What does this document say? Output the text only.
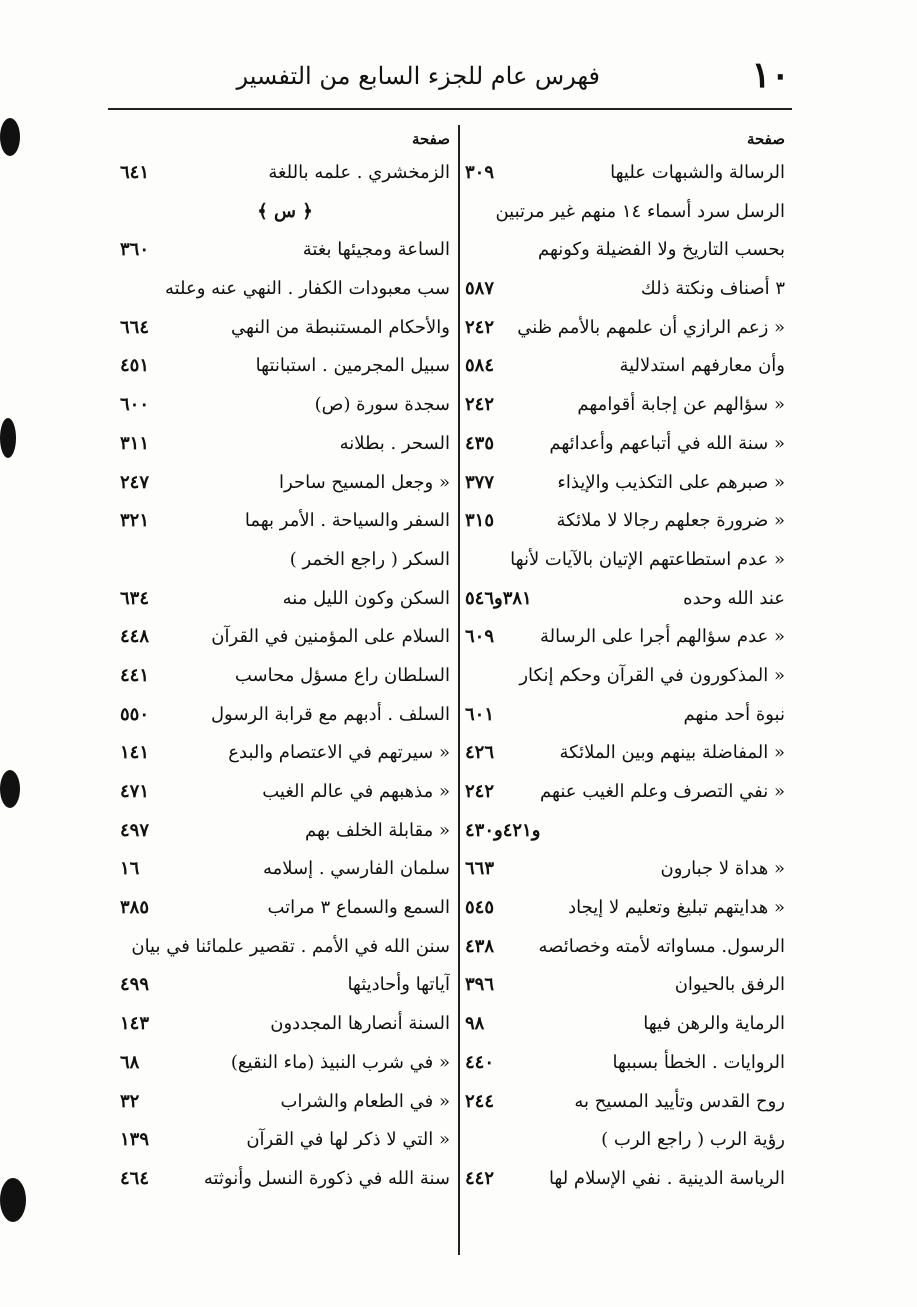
١٠
فهرس عام للجزء السابع من التفسير
صفحة
الرسالة والشبهات عليها
٣٠٩
الرسل سرد أسماء ١٤ منهم غير مرتبين
بحسب التاريخ ولا الفضيلة وكونهم
٣ أصناف ونكتة ذلك
٥٨٧
« زعم الرازي أن علمهم بالأمم ظني
٢٤٢
وأن معارفهم استدلالية
٥٨٤
« سؤالهم عن إجابة أقوامهم
٢٤٢
« سنة الله في أتباعهم وأعدائهم
٤٣٥
« صبرهم على التكذيب والإيذاء
٣٧٧
« ضرورة جعلهم رجالا لا ملائكة
٣١٥
« عدم استطاعتهم الإتيان بالآيات لأنها
عند الله وحده
٣٨١و٥٤٦
« عدم سؤالهم أجرا على الرسالة
٦٠٩
« المذكورون في القرآن وحكم إنكار
نبوة أحد منهم
٦٠١
« المفاضلة بينهم وبين الملائكة
٤٢٦
« نفي التصرف وعلم الغيب عنهم
٢٤٢
و٤٢١و٤٣٠
« هداة لا جبارون
٦٦٣
« هدايتهم تبليغ وتعليم لا إيجاد
٥٤٥
الرسول. مساواته لأمته وخصائصه
٤٣٨
الرفق بالحيوان
٣٩٦
الرماية والرهن فيها
٩٨
الروايات . الخطأ بسببها
٤٤٠
روح القدس وتأييد المسيح به
٢٤٤
رؤية الرب ( راجع الرب )
الرياسة الدينية . نفي الإسلام لها
٤٤٢
صفحة
الزمخشري . علمه باللغة
٦٤١
﴿ س ﴾
الساعة ومجيئها بغتة
٣٦٠
سب معبودات الكفار . النهي عنه وعلته
والأحكام المستنبطة من النهي
٦٦٤
سبيل المجرمين . استبانتها
٤٥١
سجدة سورة (ص)
٦٠٠
السحر . بطلانه
٣١١
« وجعل المسيح ساحرا
٢٤٧
السفر والسياحة . الأمر بهما
٣٢١
السكر ( راجع الخمر )
السكن وكون الليل منه
٦٣٤
السلام على المؤمنين في القرآن
٤٤٨
السلطان راع مسؤل محاسب
٤٤١
السلف . أدبهم مع قرابة الرسول
٥٥٠
« سيرتهم في الاعتصام والبدع
١٤١
« مذهبهم في عالم الغيب
٤٧١
« مقابلة الخلف بهم
٤٩٧
سلمان الفارسي . إسلامه
١٦
السمع والسماع ٣ مراتب
٣٨٥
سنن الله في الأمم . تقصير علمائنا في بيان
آياتها وأحاديثها
٤٩٩
السنة أنصارها المجددون
١٤٣
« في شرب النبيذ (ماء النقيع)
٦٨
« في الطعام والشراب
٣٢
« التي لا ذكر لها في القرآن
١٣٩
سنة الله في ذكورة النسل وأنوثته
٤٦٤
